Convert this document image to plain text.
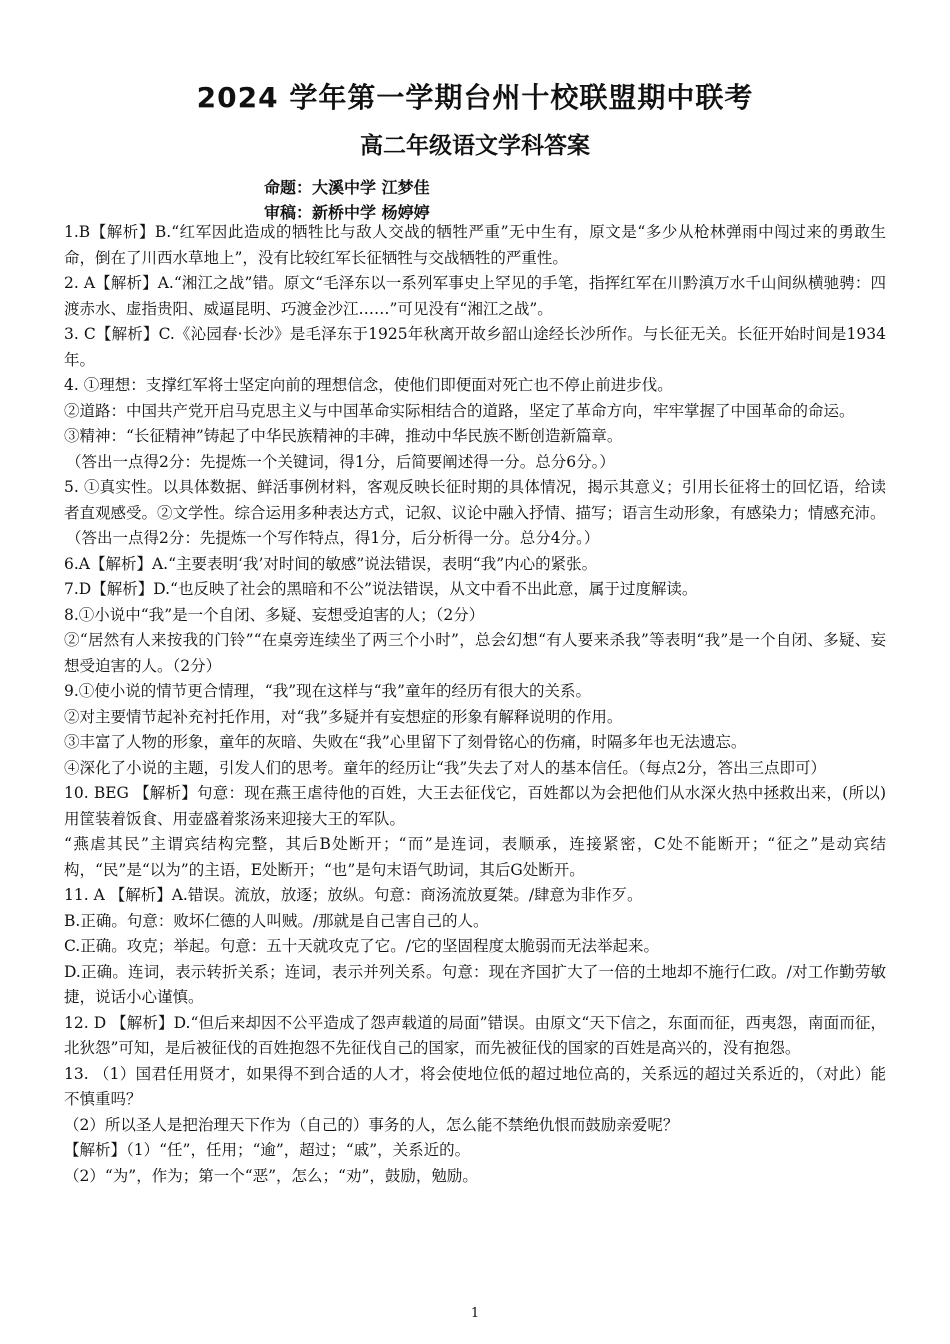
2024 学年第一学期台州十校联盟期中联考
高二年级语文学科答案
命题：大溪中学 江梦佳
审稿：新桥中学 杨婷婷

1.B【解析】B.“红军因此造成的牺牲比与敌人交战的牺牲严重”无中生有，原文是“多少从枪林弹雨中闯过来的勇敢生命，倒在了川西水草地上”，没有比较红军长征牺牲与交战牺牲的严重性。

2. A【解析】A.“湘江之战”错。原文“毛泽东以一系列军事史上罕见的手笔，指挥红军在川黔滇万水千山间纵横驰骋：四渡赤水、虚指贵阳、威逼昆明、巧渡金沙江……”可见没有“湘江之战”。

3. C【解析】C.《沁园春·长沙》是毛泽东于1925年秋离开故乡韶山途经长沙所作。与长征无关。长征开始时间是1934年。

4. ①理想：支撑红军将士坚定向前的理想信念，使他们即便面对死亡也不停止前进步伐。

②道路：中国共产党开启马克思主义与中国革命实际相结合的道路，坚定了革命方向，牢牢掌握了中国革命的命运。

③精神：“长征精神”铸起了中华民族精神的丰碑，推动中华民族不断创造新篇章。

（答出一点得2分：先提炼一个关键词，得1分，后简要阐述得一分。总分6分。）

5. ①真实性。以具体数据、鲜活事例材料，客观反映长征时期的具体情况，揭示其意义；引用长征将士的回忆语，给读者直观感受。②文学性。综合运用多种表达方式，记叙、议论中融入抒情、描写；语言生动形象，有感染力；情感充沛。

（答出一点得2分：先提炼一个写作特点，得1分，后分析得一分。总分4分。）

6.A【解析】A.“主要表明‘我’对时间的敏感”说法错误，表明“我”内心的紧张。

7.D【解析】D.“也反映了社会的黑暗和不公”说法错误，从文中看不出此意，属于过度解读。

8.①小说中“我”是一个自闭、多疑、妄想受迫害的人；（2分）

②“居然有人来按我的门铃”“在桌旁连续坐了两三个小时”，总会幻想“有人要来杀我”等表明“我”是一个自闭、多疑、妄想受迫害的人。（2分）

9.①使小说的情节更合情理，“我”现在这样与“我”童年的经历有很大的关系。

②对主要情节起补充衬托作用，对“我”多疑并有妄想症的形象有解释说明的作用。

③丰富了人物的形象，童年的灰暗、失败在“我”心里留下了刻骨铭心的伤痛，时隔多年也无法遗忘。

④深化了小说的主题，引发人们的思考。童年的经历让“我”失去了对人的基本信任。（每点2分，答出三点即可）

10. BEG 【解析】句意：现在燕王虐待他的百姓，大王去征伐它，百姓都以为会把他们从水深火热中拯救出来，(所以)用筐装着饭食、用壶盛着浆汤来迎接大王的军队。

“燕虐其民”主谓宾结构完整，其后B处断开；“而”是连词，表顺承，连接紧密，C处不能断开；“征之”是动宾结构，“民”是“以为”的主语，E处断开；“也”是句末语气助词，其后G处断开。

11. A 【解析】A.错误。流放，放逐；放纵。句意：商汤流放夏桀。/肆意为非作歹。

B.正确。句意：败坏仁德的人叫贼。/那就是自己害自己的人。

C.正确。攻克；举起。句意：五十天就攻克了它。/它的坚固程度太脆弱而无法举起来。

D.正确。连词，表示转折关系；连词，表示并列关系。句意：现在齐国扩大了一倍的土地却不施行仁政。/对工作勤劳敏捷，说话小心谨慎。

12. D 【解析】D.“但后来却因不公平造成了怨声载道的局面”错误。由原文“天下信之，东面而征，西夷怨，南面而征，北狄怨”可知，是后被征伐的百姓抱怨不先征伐自己的国家，而先被征伐的国家的百姓是高兴的，没有抱怨。

13. （1）国君任用贤才，如果得不到合适的人才，将会使地位低的超过地位高的，关系远的超过关系近的，（对此）能不慎重吗？

（2）所以圣人是把治理天下作为（自己的）事务的人，怎么能不禁绝仇恨而鼓励亲爱呢？

【解析】（1）“任”，任用；“逾”，超过；“戚”，关系近的。

（2）“为”，作为；第一个“恶”，怎么；“劝”，鼓励，勉励。

1
